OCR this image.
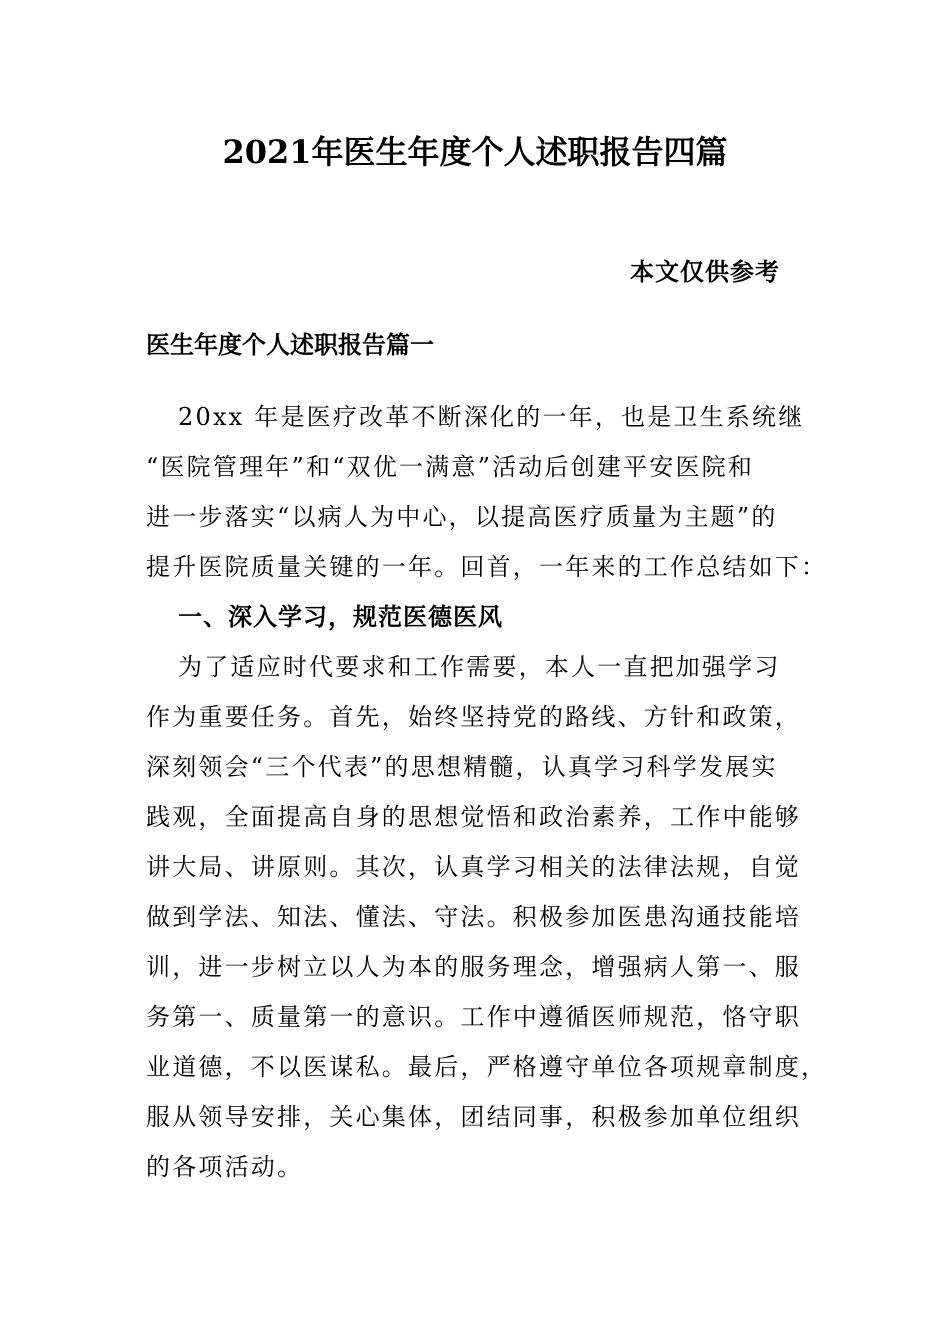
2021年医生年度个人述职报告四篇
本文仅供参考
医生年度个人述职报告篇一
20xx 年是医疗改革不断深化的一年，也是卫生系统继
“医院管理年”和“双优一满意”活动后创建平安医院和
进一步落实“以病人为中心，以提高医疗质量为主题”的
提升医院质量关键的一年。回首，一年来的工作总结如下：
一、深入学习，规范医德医风
为了适应时代要求和工作需要，本人一直把加强学习
作为重要任务。首先，始终坚持党的路线、方针和政策，
深刻领会“三个代表”的思想精髓，认真学习科学发展实
践观，全面提高自身的思想觉悟和政治素养，工作中能够
讲大局、讲原则。其次，认真学习相关的法律法规，自觉
做到学法、知法、懂法、守法。积极参加医患沟通技能培
训，进一步树立以人为本的服务理念，增强病人第一、服
务第一、质量第一的意识。工作中遵循医师规范，恪守职
业道德，不以医谋私。最后，严格遵守单位各项规章制度，
服从领导安排，关心集体，团结同事，积极参加单位组织
的各项活动。
